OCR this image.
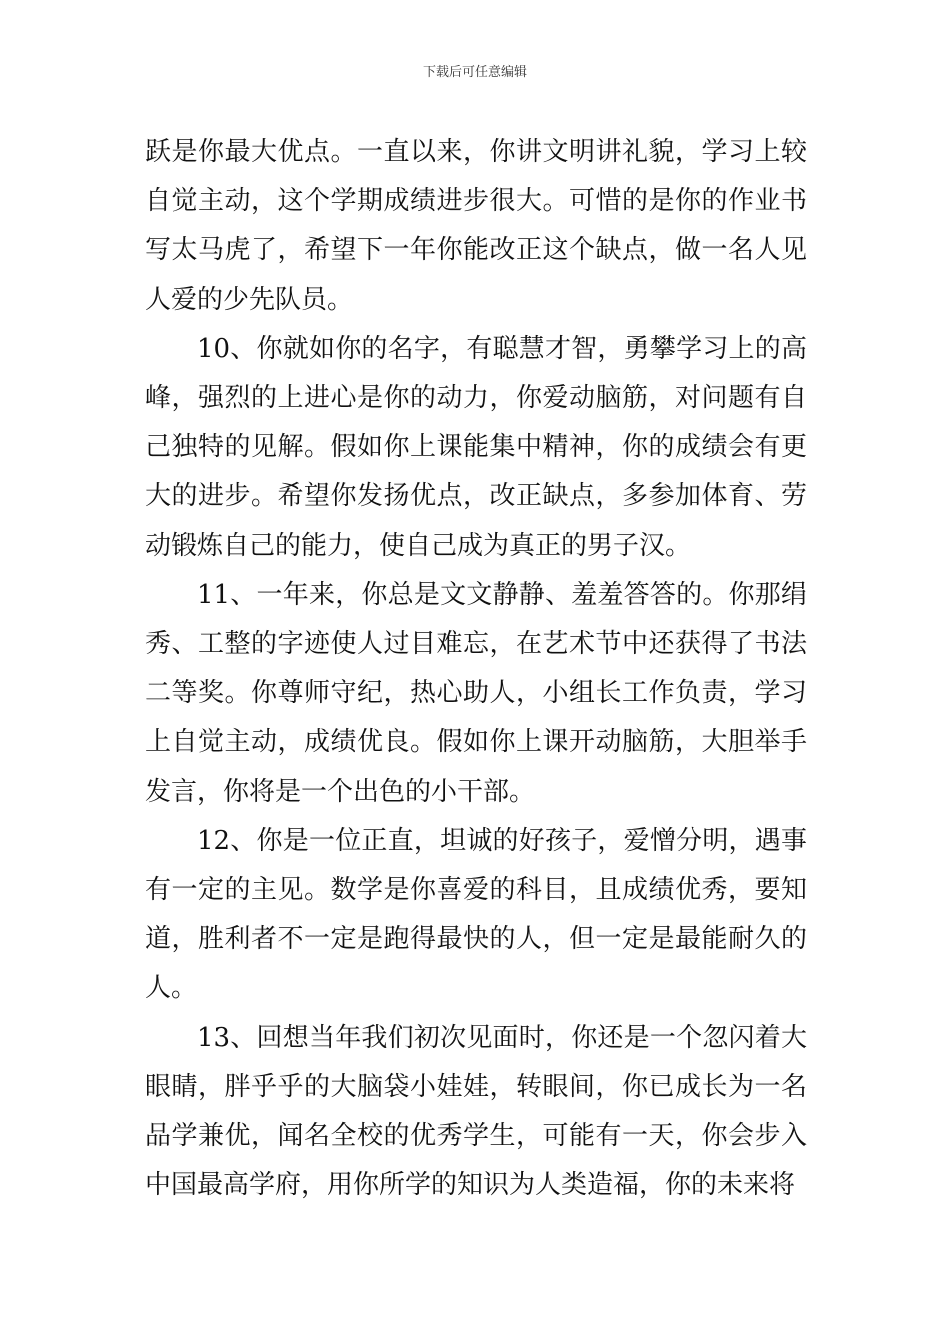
下载后可任意编辑

跃是你最大优点。一直以来，你讲文明讲礼貌，学习上较自觉主动，这个学期成绩进步很大。可惜的是你的作业书写太马虎了，希望下一年你能改正这个缺点，做一名人见人爱的少先队员。

10、你就如你的名字，有聪慧才智，勇攀学习上的高峰，强烈的上进心是你的动力，你爱动脑筋，对问题有自己独特的见解。假如你上课能集中精神，你的成绩会有更大的进步。希望你发扬优点，改正缺点，多参加体育、劳动锻炼自己的能力，使自己成为真正的男子汉。

11、一年来，你总是文文静静、羞羞答答的。你那绢秀、工整的字迹使人过目难忘，在艺术节中还获得了书法二等奖。你尊师守纪，热心助人，小组长工作负责，学习上自觉主动，成绩优良。假如你上课开动脑筋，大胆举手发言，你将是一个出色的小干部。

12、你是一位正直，坦诚的好孩子，爱憎分明，遇事有一定的主见。数学是你喜爱的科目，且成绩优秀，要知道，胜利者不一定是跑得最快的人，但一定是最能耐久的人。

13、回想当年我们初次见面时，你还是一个忽闪着大眼睛，胖乎乎的大脑袋小娃娃，转眼间，你已成长为一名品学兼优，闻名全校的优秀学生，可能有一天，你会步入中国最高学府，用你所学的知识为人类造福，你的未来将
